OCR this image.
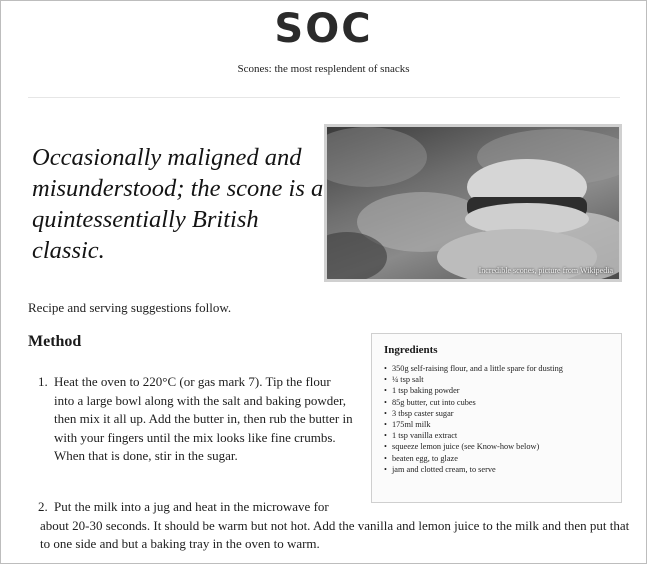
SOC
Scones: the most resplendent of snacks
Occasionally maligned and misunderstood; the scone is a quintessentially British classic.
Incredible scones, picture from Wikipedia
Recipe and serving suggestions follow.
Method	Ingredients
• 350g self-raising flour, and a little spare for dusting
• ¼ tsp salt
• 1 tsp baking powder
• 85g butter, cut into cubes
• 3 tbsp caster sugar
• 175ml milk
• 1 tsp vanilla extract
• squeeze lemon juice (see Know-how below)
• beaten egg, to glaze
• jam and clotted cream, to serve
1. Heat the oven to 220°C (or gas mark 7). Tip the flour into a large bowl along with the salt and baking powder, then mix it all up. Add the butter in, then rub the butter in with your fingers until the mix looks like fine crumbs. When that is done, stir in the sugar.
2. Put the milk into a jug and heat in the microwave for
about 20-30 seconds. It should be warm but not hot. Add the vanilla and lemon juice to the milk and then put that to one side and but a baking tray in the oven to warm.
